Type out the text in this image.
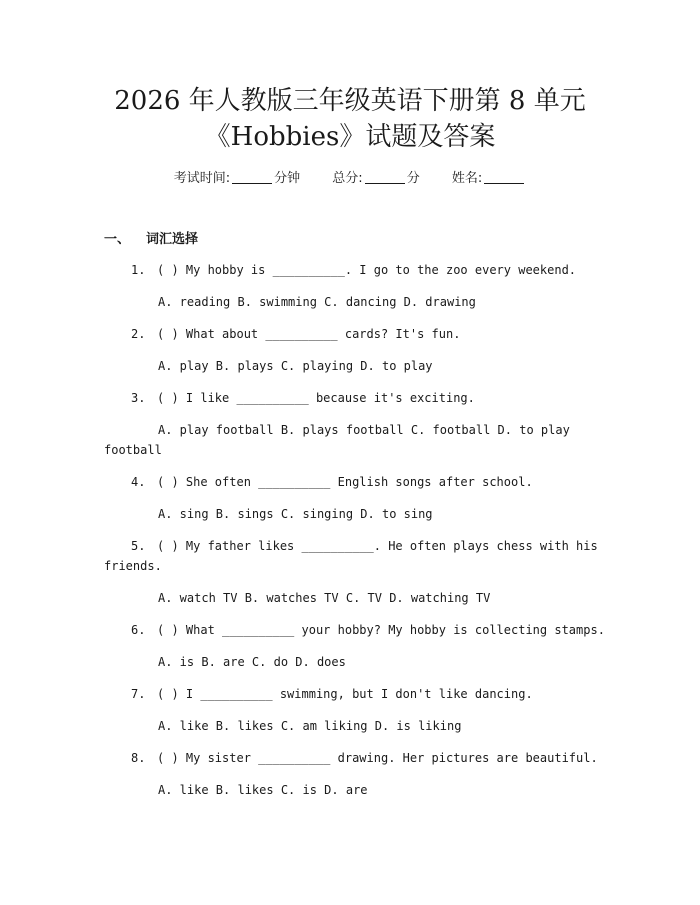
2026 年人教版三年级英语下册第 8 单元
《Hobbies》试题及答案
考试时间:	分钟 总分:	分 姓名:
一、 词汇选择
1. ( ) My hobby is __________. I go to the zoo every weekend.
A. reading B. swimming C. dancing D. drawing
2. ( ) What about __________ cards? It's fun.
A. play B. plays C. playing D. to play
3. ( ) I like __________ because it's exciting.
A. play football B. plays football C. football D. to play
football
4. ( ) She often __________ English songs after school.
A. sing B. sings C. singing D. to sing
5. ( ) My father likes __________. He often plays chess with his
friends.
A. watch TV B. watches TV C. TV D. watching TV
6. ( ) What __________ your hobby? My hobby is collecting stamps.
A. is B. are C. do D. does
7. ( ) I __________ swimming, but I don't like dancing.
A. like B. likes C. am liking D. is liking
8. ( ) My sister __________ drawing. Her pictures are beautiful.
A. like B. likes C. is D. are
